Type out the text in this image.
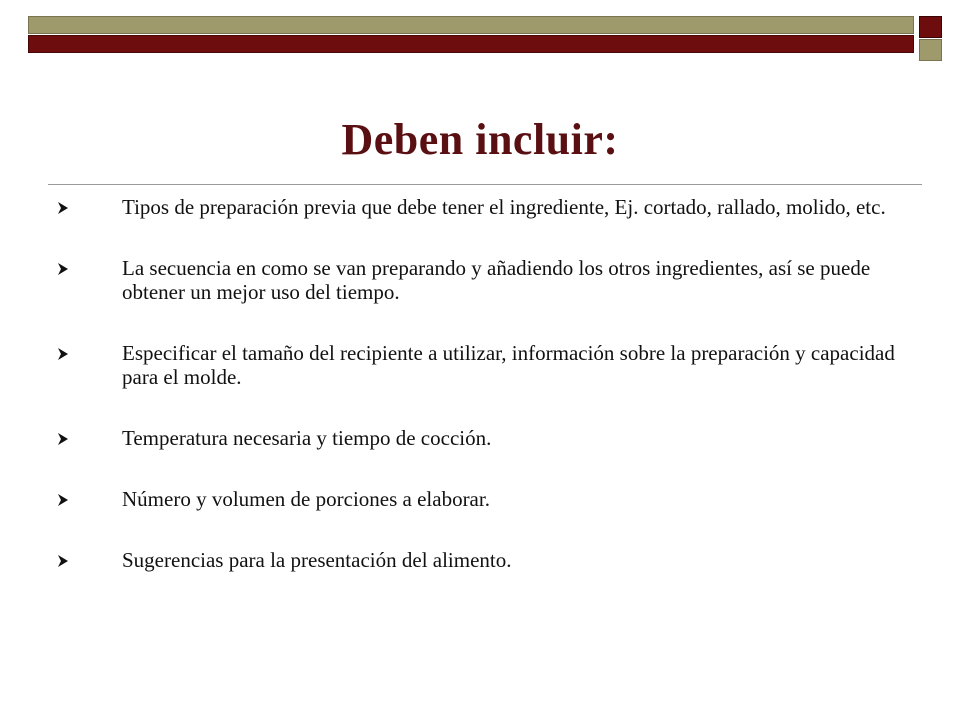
Deben incluir:
Tipos de preparación previa que debe tener el ingrediente, Ej. cortado, rallado, molido, etc.
La secuencia en como se van preparando y añadiendo los otros ingredientes, así se puede obtener un mejor uso del tiempo.
Especificar el tamaño del recipiente a utilizar, información sobre la preparación y capacidad para el molde.
Temperatura necesaria y tiempo de cocción.
Número y volumen de porciones a elaborar.
Sugerencias para la presentación del alimento.
